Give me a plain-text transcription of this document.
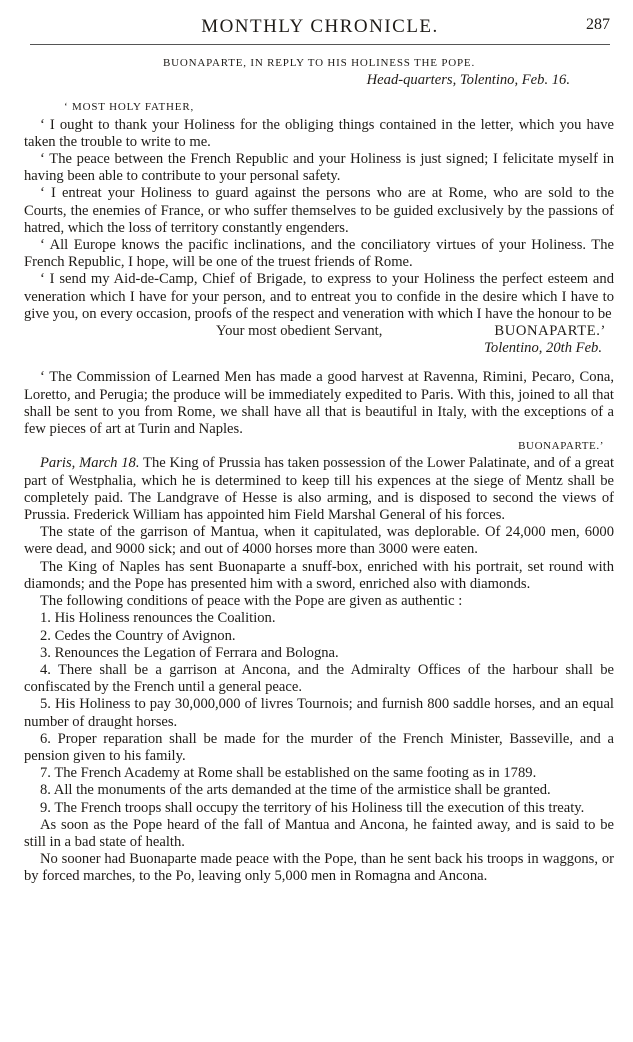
MONTHLY CHRONICLE.	287

BUONAPARTE, IN REPLY TO HIS HOLINESS THE POPE.

Head-quarters, Tolentino, Feb. 16.

‘ MOST HOLY FATHER,

‘ I ought to thank your Holiness for the obliging things contained in the letter, which you have taken the trouble to write to me.

‘ The peace between the French Republic and your Holiness is just signed; I felicitate myself in having been able to contribute to your personal safety.

‘ I entreat your Holiness to guard against the persons who are at Rome, who are sold to the Courts, the enemies of France, or who suffer themselves to be guided exclusively by the passions of hatred, which the loss of territory constantly engenders.

‘ All Europe knows the pacific inclinations, and the conciliatory virtues of your Holiness. The French Republic, I hope, will be one of the truest friends of Rome.

‘ I send my Aid-de-Camp, Chief of Brigade, to express to your Holiness the perfect esteem and veneration which I have for your person, and to entreat you to confide in the desire which I have to give you, on every occasion, proofs of the respect and veneration with which I have the honour to be

Your most obedient Servant,	BUONAPARTE.’

Tolentino, 20th Feb.

‘ The Commission of Learned Men has made a good harvest at Ravenna, Rimini, Pecaro, Cona, Loretto, and Perugia; the produce will be immediately expedited to Paris. With this, joined to all that shall be sent to you from Rome, we shall have all that is beautiful in Italy, with the exceptions of a few pieces of art at Turin and Naples.

BUONAPARTE.’

Paris, March 18. The King of Prussia has taken possession of the Lower Palatinate, and of a great part of Westphalia, which he is determined to keep till his expences at the siege of Mentz shall be completely paid. The Landgrave of Hesse is also arming, and is disposed to second the views of Prussia. Frederick William has appointed him Field Marshal General of his forces.

The state of the garrison of Mantua, when it capitulated, was deplorable. Of 24,000 men, 6000 were dead, and 9000 sick; and out of 4000 horses more than 3000 were eaten.

The King of Naples has sent Buonaparte a snuff-box, enriched with his portrait, set round with diamonds; and the Pope has presented him with a sword, enriched also with diamonds.

The following conditions of peace with the Pope are given as authentic :

1. His Holiness renounces the Coalition.

2. Cedes the Country of Avignon.

3. Renounces the Legation of Ferrara and Bologna.

4. There shall be a garrison at Ancona, and the Admiralty Offices of the harbour shall be confiscated by the French until a general peace.

5. His Holiness to pay 30,000,000 of livres Tournois; and furnish 800 saddle horses, and an equal number of draught horses.

6. Proper reparation shall be made for the murder of the French Minister, Basseville, and a pension given to his family.

7. The French Academy at Rome shall be established on the same footing as in 1789.

8. All the monuments of the arts demanded at the time of the armistice shall be granted.

9. The French troops shall occupy the territory of his Holiness till the execution of this treaty.

As soon as the Pope heard of the fall of Mantua and Ancona, he fainted away, and is said to be still in a bad state of health.

No sooner had Buonaparte made peace with the Pope, than he sent back his troops in waggons, or by forced marches, to the Po, leaving only 5,000 men in Romagna and Ancona.
